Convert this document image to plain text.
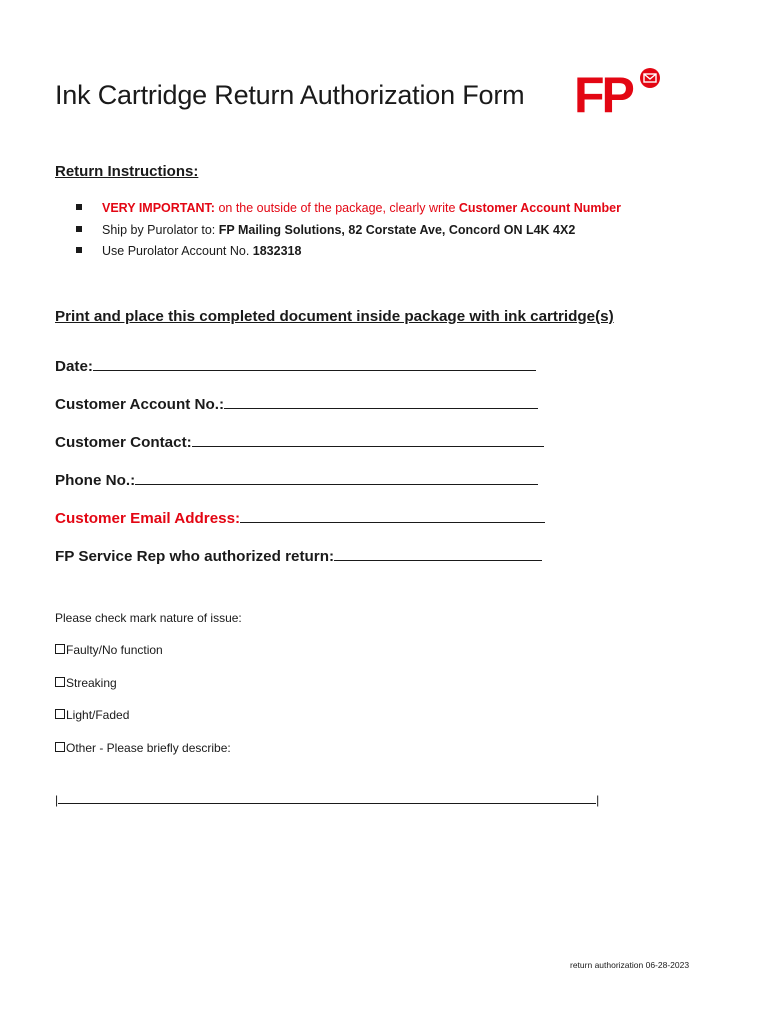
Ink Cartridge Return Authorization Form FP
Return Instructions:
VERY IMPORTANT: on the outside of the package, clearly write Customer Account Number
Ship by Purolator to: FP Mailing Solutions, 82 Corstate Ave, Concord ON L4K 4X2
Use Purolator Account No. 1832318
Print and place this completed document inside package with ink cartridge(s)
Date:
Customer Account No.:
Customer Contact:
Phone No.:
Customer Email Address:
FP Service Rep who authorized return:
Please check mark nature of issue:
Faulty/No function
Streaking
Light/Faded
Other - Please briefly describe:
|	|
return authorization 06-28-2023
